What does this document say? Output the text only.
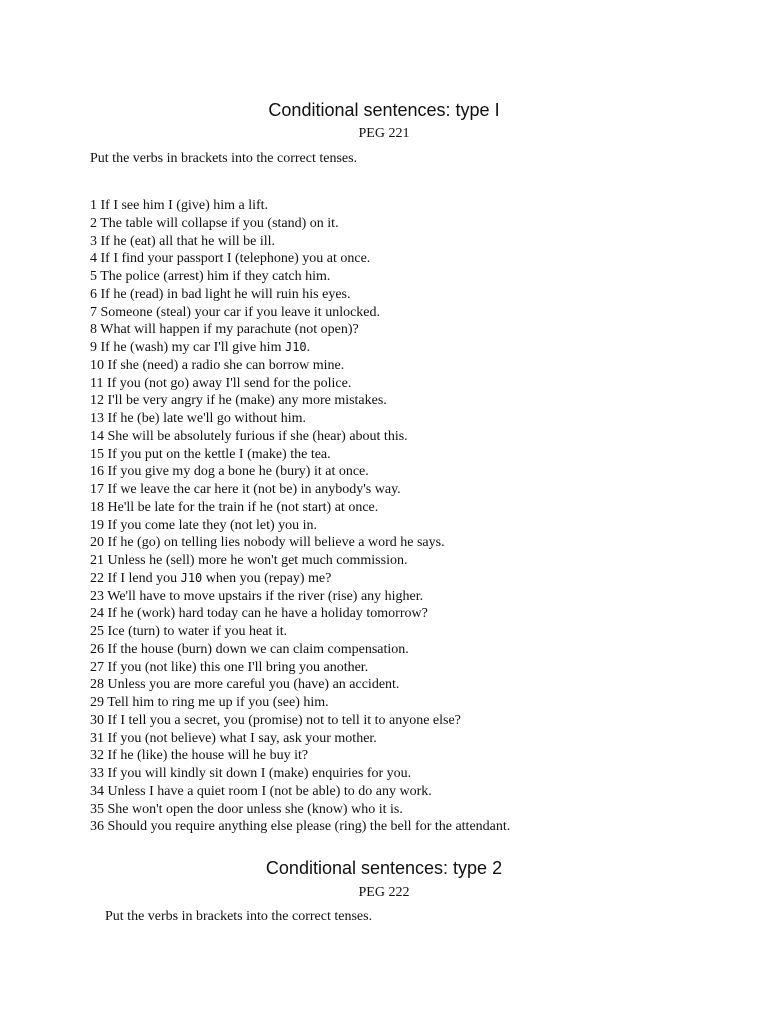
Conditional sentences: type I
PEG 221
Put the verbs in brackets into the correct tenses.
1 If I see him I (give) him a lift.
2 The table will collapse if you (stand) on it.
3 If he (eat) all that he will be ill.
4 If I find your passport I (telephone) you at once.
5 The police (arrest) him if they catch him.
6 If he (read) in bad light he will ruin his eyes.
7 Someone (steal) your car if you leave it unlocked.
8 What will happen if my parachute (not open)?
9 If he (wash) my car I'll give him J10.
10 If she (need) a radio she can borrow mine.
11 If you (not go) away I'll send for the police.
12 I'll be very angry if he (make) any more mistakes.
13 If he (be) late we'll go without him.
14 She will be absolutely furious if she (hear) about this.
15 If you put on the kettle I (make) the tea.
16 If you give my dog a bone he (bury) it at once.
17 If we leave the car here it (not be) in anybody's way.
18 He'll be late for the train if he (not start) at once.
19 If you come late they (not let) you in.
20 If he (go) on telling lies nobody will believe a word he says.
21 Unless he (sell) more he won't get much commission.
22 If I lend you J10 when you (repay) me?
23 We'll have to move upstairs if the river (rise) any higher.
24 If he (work) hard today can he have a holiday tomorrow?
25 Ice (turn) to water if you heat it.
26 If the house (burn) down we can claim compensation.
27 If you (not like) this one I'll bring you another.
28 Unless you are more careful you (have) an accident.
29 Tell him to ring me up if you (see) him.
30 If I tell you a secret, you (promise) not to tell it to anyone else?
31 If you (not believe) what I say, ask your mother.
32 If he (like) the house will he buy it?
33 If you will kindly sit down I (make) enquiries for you.
34 Unless I have a quiet room I (not be able) to do any work.
35 She won't open the door unless she (know) who it is.
36 Should you require anything else please (ring) the bell for the attendant.
Conditional sentences: type 2
PEG 222
Put the verbs in brackets into the correct tenses.
